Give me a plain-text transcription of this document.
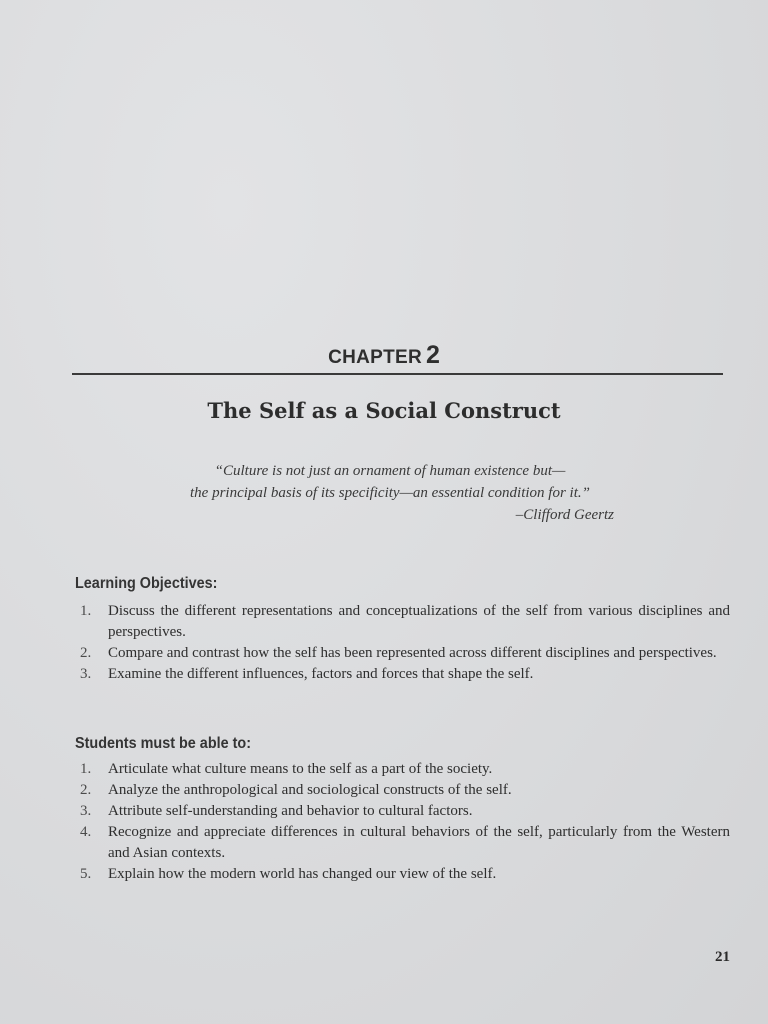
CHAPTER 2
The Self as a Social Construct
“Culture is not just an ornament of human existence but—
the principal basis of its specificity—an essential condition for it.”
–Clifford Geertz
Learning Objectives:
1.	Discuss the different representations and conceptualizations of the self from various disciplines and perspectives.
2.	Compare and contrast how the self has been represented across different disciplines and perspectives.
3.	Examine the different influences, factors and forces that shape the self.
Students must be able to:
1.	Articulate what culture means to the self as a part of the society.
2.	Analyze the anthropological and sociological constructs of the self.
3.	Attribute self-understanding and behavior to cultural factors.
4.	Recognize and appreciate differences in cultural behaviors of the self, particularly from the Western and Asian contexts.
5.	Explain how the modern world has changed our view of the self.
21
